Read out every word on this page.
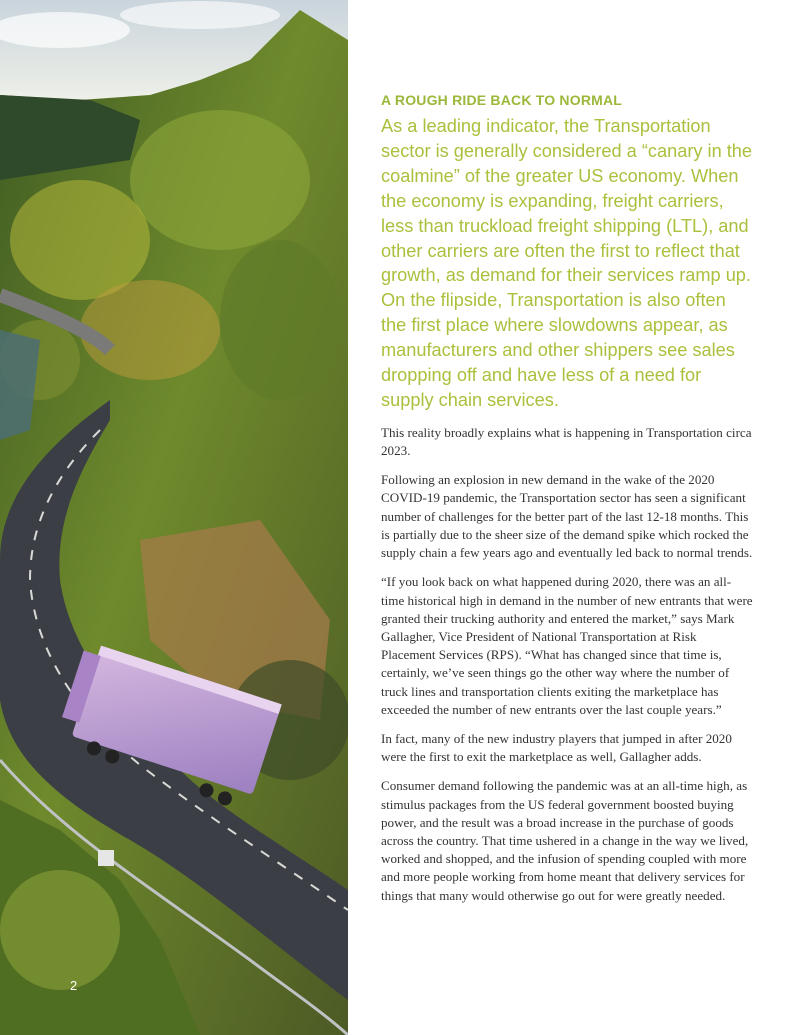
2
A ROUGH RIDE BACK TO NORMAL

As a leading indicator, the Transportation sector is generally considered a “canary in the coalmine” of the greater US economy. When the economy is expanding, freight carriers, less than truckload freight shipping (LTL), and other carriers are often the first to reflect that growth, as demand for their services ramp up. On the flipside, Transportation is also often the first place where slowdowns appear, as manufacturers and other shippers see sales dropping off and have less of a need for supply chain services.

This reality broadly explains what is happening in Transportation circa 2023.

Following an explosion in new demand in the wake of the 2020 COVID-19 pandemic, the Transportation sector has seen a significant number of challenges for the better part of the last 12-18 months. This is partially due to the sheer size of the demand spike which rocked the supply chain a few years ago and eventually led back to normal trends.

“If you look back on what happened during 2020, there was an all-time historical high in demand in the number of new entrants that were granted their trucking authority and entered the market,” says Mark Gallagher, Vice President of National Transportation at Risk Placement Services (RPS). “What has changed since that time is, certainly, we’ve seen things go the other way where the number of truck lines and transportation clients exiting the marketplace has exceeded the number of new entrants over the last couple years.”

In fact, many of the new industry players that jumped in after 2020 were the first to exit the marketplace as well, Gallagher adds.

Consumer demand following the pandemic was at an all-time high, as stimulus packages from the US federal government boosted buying power, and the result was a broad increase in the purchase of goods across the country. That time ushered in a change in the way we lived, worked and shopped, and the infusion of spending coupled with more and more people working from home meant that delivery services for things that many would otherwise go out for were greatly needed.
